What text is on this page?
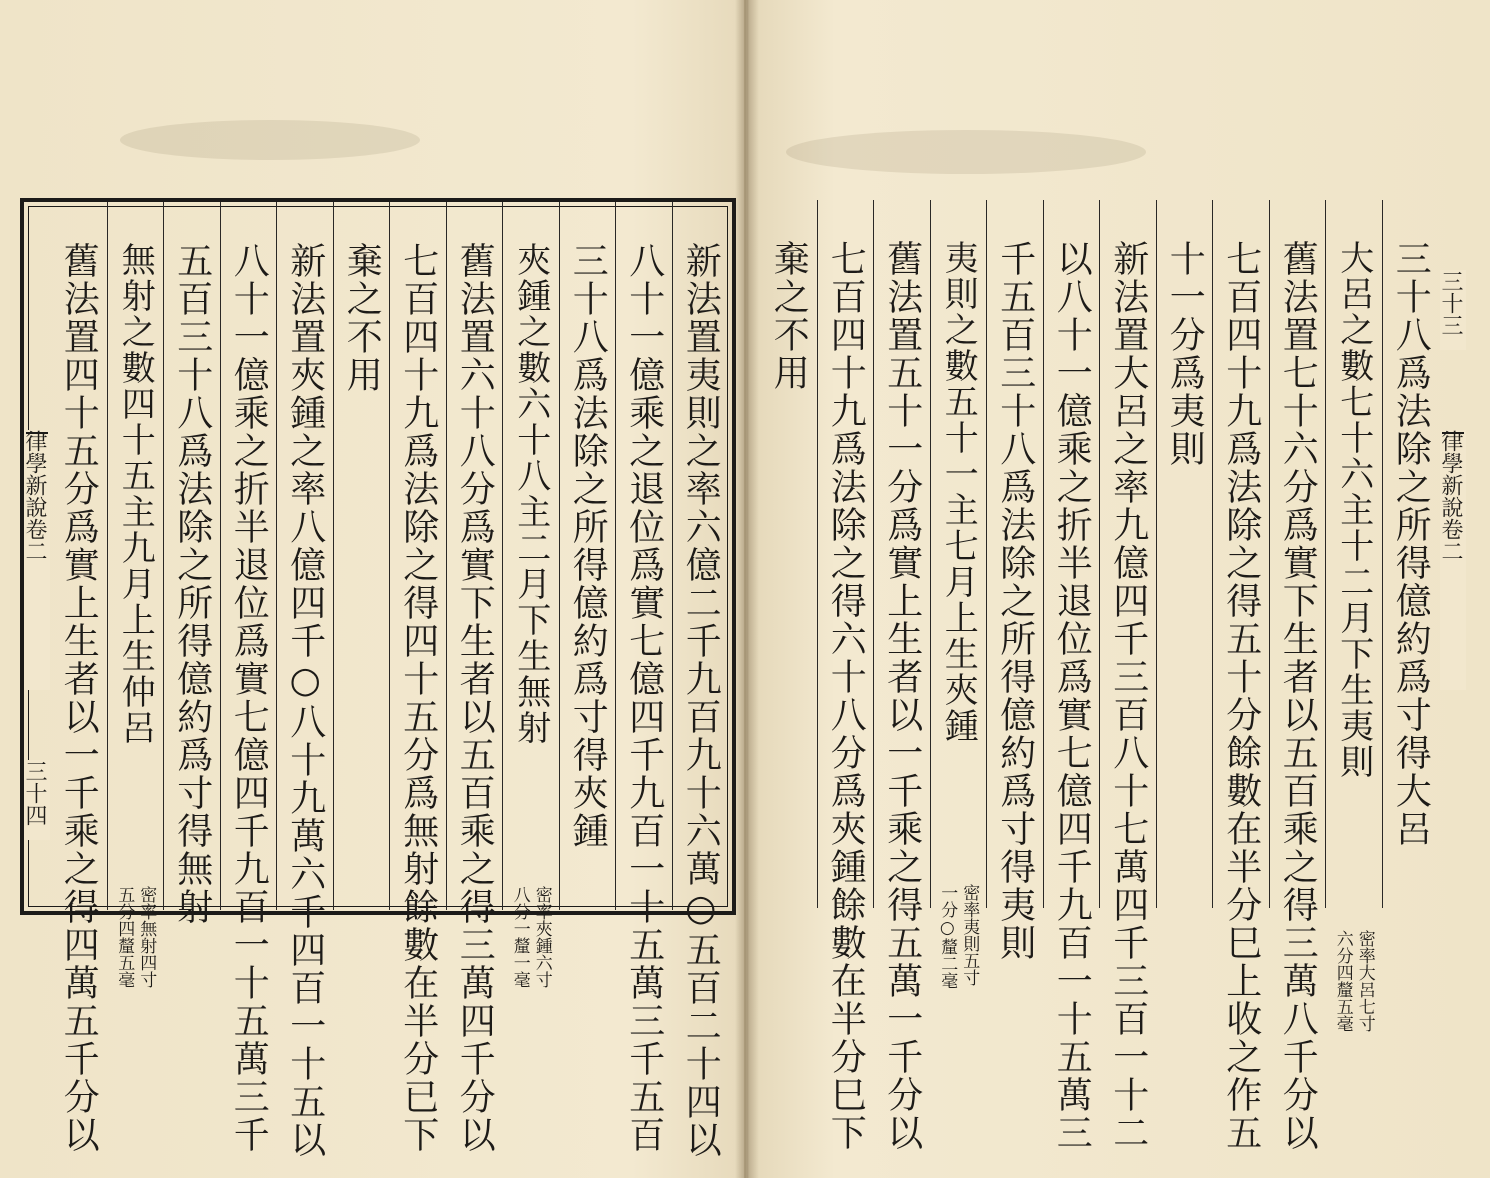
律學新說卷二
三十四
律學新說卷二
三十三
新法置夷則之率六億二千九百九十六萬○五百二十四以
八十一億乘之退位爲實七億四千九百一十五萬三千五百
三十八爲法除之所得億約爲寸得夾鍾
夾鍾之數六十八主二月下生無射
密率夾鍾六寸
八分一釐一毫
舊法置六十八分爲實下生者以五百乘之得三萬四千分以
七百四十九爲法除之得四十五分爲無射餘數在半分已下
棄之不用
新法置夾鍾之率八億四千○八十九萬六千四百一十五以
八十一億乘之折半退位爲實七億四千九百一十五萬三千
五百三十八爲法除之所得億約爲寸得無射
無射之數四十五主九月上生仲呂
密率無射四寸
五分四釐五毫
舊法置四十五分爲實上生者以一千乘之得四萬五千分以	三十八爲法除之所得億約爲寸得大呂
大呂之數七十六主十二月下生夷則
密率大呂七寸
六分四釐五毫
舊法置七十六分爲實下生者以五百乘之得三萬八千分以
七百四十九爲法除之得五十分餘數在半分巳上收之作五
十一分爲夷則
新法置大呂之率九億四千三百八十七萬四千三百一十二
以八十一億乘之折半退位爲實七億四千九百一十五萬三
千五百三十八爲法除之所得億約爲寸得夷則
夷則之數五十一主七月上生夾鍾
密率夷則五寸
一分○釐二毫
舊法置五十一分爲實上生者以一千乘之得五萬一千分以
七百四十九爲法除之得六十八分爲夾鍾餘數在半分巳下
棄之不用
